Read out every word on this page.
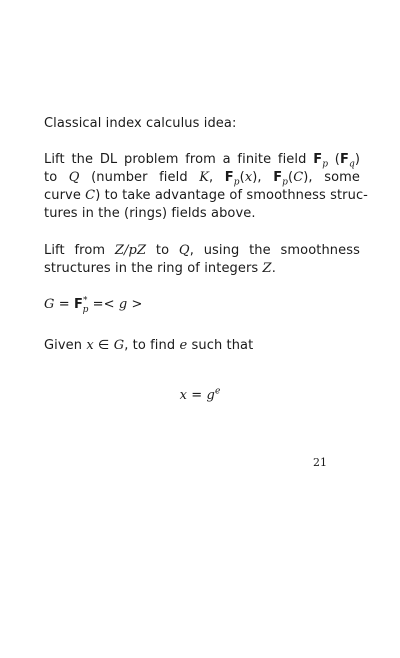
Classical index calculus idea:
Lift the DL problem from a finite field $F_p$ $(F_q)$
to Q (number field K, $F_p(x)$, $F_p(C)$, some
curve C) to take advantage of smoothness struc-
tures in the (rings) fields above.
Lift from Z/pZ to Q, using the smoothness
structures in the ring of integers Z.
$G = F^*_p =< g$ >
Given x ∈ G, to find e such that
$x = g^e$
21
